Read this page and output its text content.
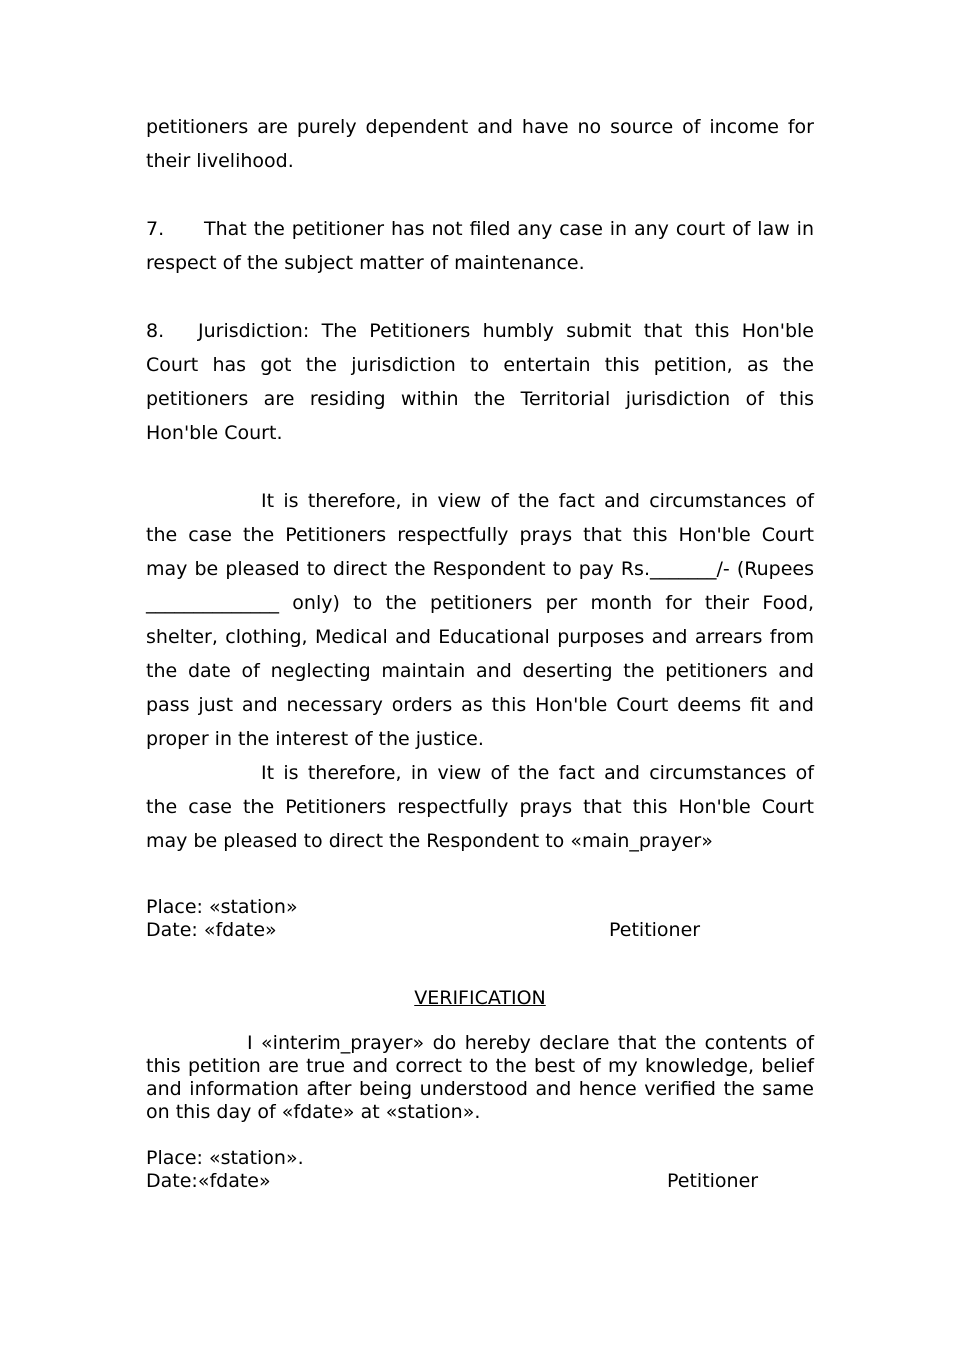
petitioners are purely dependent and have no source of income for their livelihood.

7. That the petitioner has not filed any case in any court of law in respect of the subject matter of maintenance.

8. Jurisdiction: The Petitioners humbly submit that this Hon'ble Court has got the jurisdiction to entertain this petition, as the petitioners are residing within the Territorial jurisdiction of this Hon'ble Court.

It is therefore, in view of the fact and circumstances of the case the Petitioners respectfully prays that this Hon'ble Court may be pleased to direct the Respondent to pay Rs._______/- (Rupees ______________ only) to the petitioners per month for their Food, shelter, clothing, Medical and Educational purposes and arrears from the date of neglecting maintain and deserting the petitioners and pass just and necessary orders as this Hon'ble Court deems fit and proper in the interest of the justice.

It is therefore, in view of the fact and circumstances of the case the Petitioners respectfully prays that this Hon'ble Court may be pleased to direct the Respondent to «main_prayer»

Place: «station»
Date: «fdate»	Petitioner

VERIFICATION

I «interim_prayer» do hereby declare that the contents of this petition are true and correct to the best of my knowledge, belief and information after being understood and hence verified the same on this day of «fdate» at «station».

Place: «station».
Date:«fdate»	Petitioner
